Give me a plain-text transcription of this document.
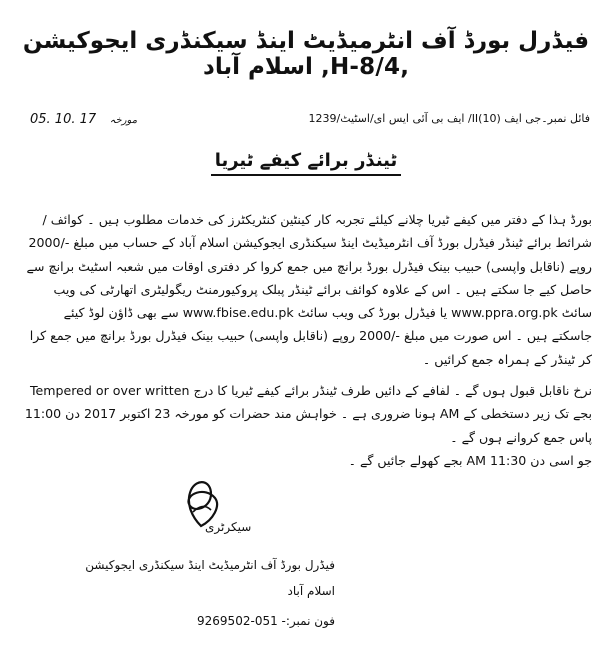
فیڈرل بورڈ آف انٹرمیڈیٹ اینڈ سیکنڈری ایجوکیشن ,H-8/4, اسلام آباد
فائل نمبر۔جی ایف II(10)/ ایف بی آئی ایس ای/اسٹیٹ/1239
05. 10. 17 مورخہ
ٹینڈر برائے کیفے ٹیریا

بورڈ ہذا کے دفتر میں کیفے ٹیریا چلانے کیلئے تجربہ کار کینٹین کنٹریکٹرز کی خدمات مطلوب ہیں ۔ کوائف / شرائط برائے ٹینڈر فیڈرل بورڈ آف انٹرمیڈیٹ اینڈ سیکنڈری ایجوکیشن اسلام آباد کے حساب میں مبلغ -/2000 روپے (ناقابل واپسی) حبیب بینک فیڈرل بورڈ برانچ میں جمع کروا کر دفتری اوقات میں شعبہ اسٹیٹ برانچ سے حاصل کیے جا سکتے ہیں ۔ اس کے علاوہ کوائف برائے ٹینڈر پبلک پروکیورمنٹ ریگولیٹری اتھارٹی کی ویب سائٹ www.ppra.org.pk یا فیڈرل بورڈ کی ویب سائٹ www.fbise.edu.pk سے بھی ڈاؤن لوڈ کیئے جاسکتے ہیں ۔ اس صورت میں مبلغ -/2000 روپے (ناقابل واپسی) حبیب بینک فیڈرل بورڈ برانچ میں جمع کرا کر ٹینڈر کے ہمراہ جمع کرائیں ۔

Tempered or over written نرخ ناقابل قبول ہوں گے ۔ لفافے کے دائیں طرف ٹینڈر برائے کیفے ٹیریا کا درج ہونا ضروری ہے ۔ خواہش مند حضرات کو مورخہ 23 اکتوبر 2017 دن 11:00 AM بجے تک زیر دستخطی کے پاس جمع کروانے ہوں گے ۔

جو اسی دن 11:30 AM بجے کھولے جائیں گے ۔

سیکرٹری
فیڈرل بورڈ آف انٹرمیڈیٹ اینڈ سیکنڈری ایجوکیشن
اسلام آباد
فون نمبر:- 051-9269502
